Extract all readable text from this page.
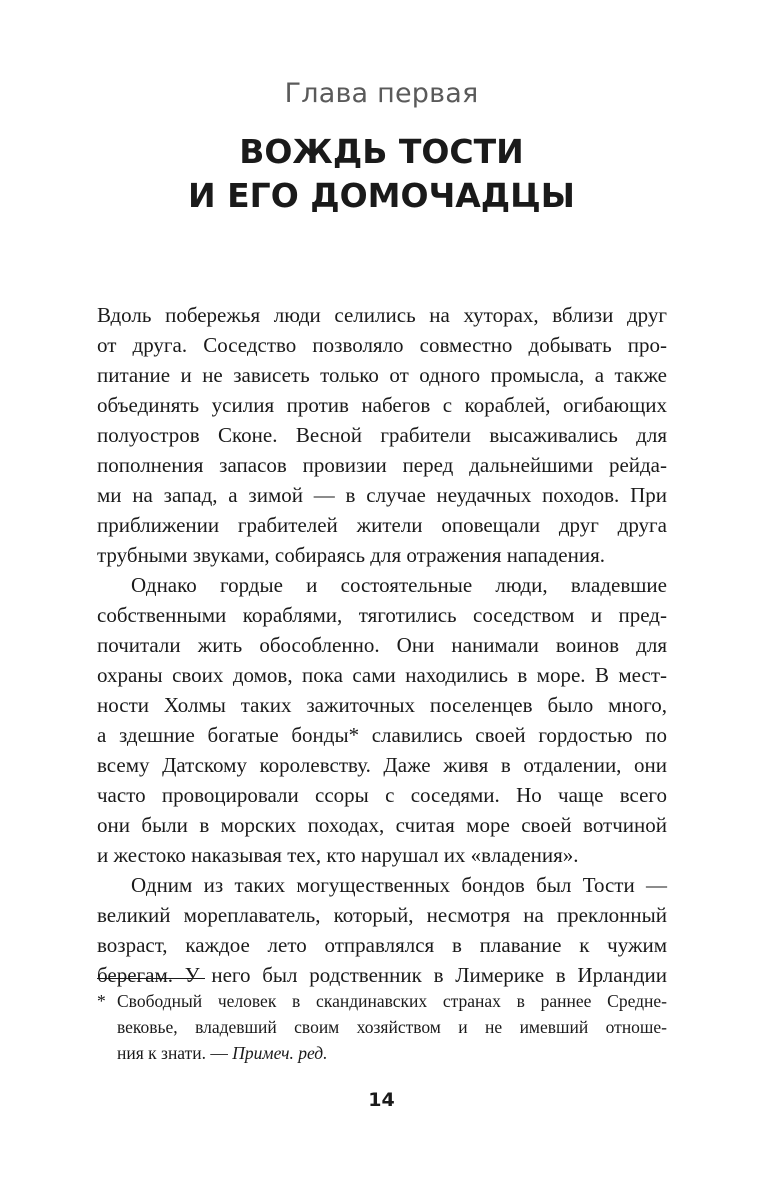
Глава первая
ВОЖДЬ ТОСТИ
И ЕГО ДОМОЧАДЦЫ
Вдоль побережья люди селились на хуторах, вблизи друг
от друга. Соседство позволяло совместно добывать про-
питание и не зависеть только от одного промысла, а также
объединять усилия против набегов с кораблей, огибающих
полуостров Сконе. Весной грабители высаживались для
пополнения запасов провизии перед дальнейшими рейда-
ми на запад, а зимой — в случае неудачных походов. При
приближении грабителей жители оповещали друг друга
трубными звуками, собираясь для отражения нападения.
Однако гордые и состоятельные люди, владевшие
собственными кораблями, тяготились соседством и пред-
почитали жить обособленно. Они нанимали воинов для
охраны своих домов, пока сами находились в море. В мест-
ности Холмы таких зажиточных поселенцев было много,
а здешние богатые бонды* славились своей гордостью по
всему Датскому королевству. Даже живя в отдалении, они
часто провоцировали ссоры с соседями. Но чаще всего
они были в морских походах, считая море своей вотчиной
и жестоко наказывая тех, кто нарушал их «владения».
Одним из таких могущественных бондов был Тости —
великий мореплаватель, который, несмотря на преклонный
возраст, каждое лето отправлялся в плавание к чужим
берегам. У него был родственник в Лимерике в Ирландии
* Свободный человек в скандинавских странах в раннее Средне-
вековье, владевший своим хозяйством и не имевший отноше-
ния к знати. — Примеч. ред.
14
